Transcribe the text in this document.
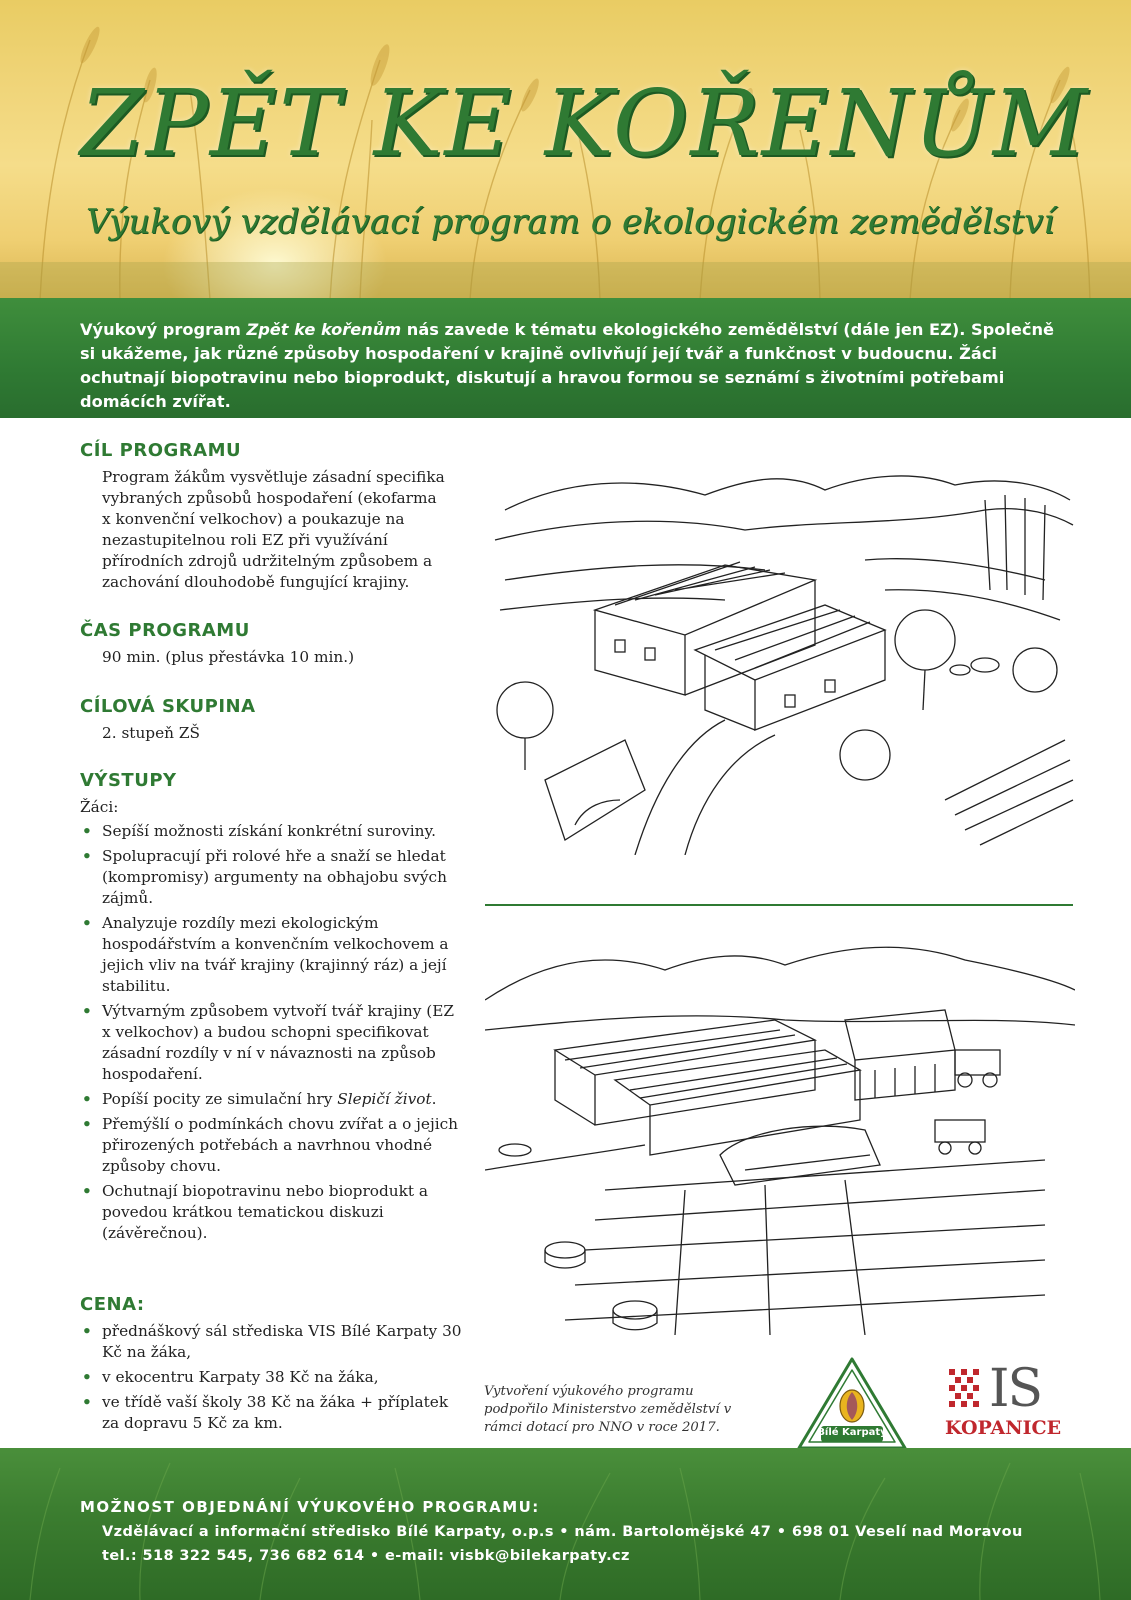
ZPĚT KE KOŘENŮM
Výukový vzdělávací program o ekologickém zemědělství
Výukový program Zpět ke kořenům nás zavede k tématu ekologického zemědělství (dále jen EZ). Společně si ukážeme, jak různé způsoby hospodaření v krajině ovlivňují její tvář a funkčnost v budoucnu. Žáci ochutnají biopotravinu nebo bioprodukt, diskutují a hravou formou se seznámí s životními potřebami domácích zvířat.
CÍL PROGRAMU
Program žákům vysvětluje zásadní specifika vybraných způsobů hospodaření (ekofarma x konvenční velkochov) a poukazuje na nezastupitelnou roli EZ při využívání přírodních zdrojů udržitelným způsobem a zachování dlouhodobě fungující krajiny.
ČAS PROGRAMU
90 min. (plus přestávka 10 min.)
CÍLOVÁ SKUPINA
2. stupeň ZŠ
VÝSTUPY
Žáci:
• Sepíší možnosti získání konkrétní suroviny.
• Spolupracují při rolové hře a snaží se hledat (kompromisy) argumenty na obhajobu svých zájmů.
• Analyzuje rozdíly mezi ekologickým hospodářstvím a konvenčním velkochovem a jejich vliv na tvář krajiny (krajinný ráz) a její stabilitu.
• Výtvarným způsobem vytvoří tvář krajiny (EZ x velkochov) a budou schopni specifikovat zásadní rozdíly v ní v návaznosti na způsob hospodaření.
• Popíší pocity ze simulační hry Slepičí život.
• Přemýšlí o podmínkách chovu zvířat a o jejich přirozených potřebách a navrhnou vhodné způsoby chovu.
• Ochutnají biopotravinu nebo bioprodukt a povedou krátkou tematickou diskuzi (závěrečnou).
CENA:
• přednáškový sál střediska VIS Bílé Karpaty 30 Kč na žáka,
• v ekocentru Karpaty 38 Kč na žáka,
• ve třídě vaší školy 38 Kč na žáka + příplatek za dopravu 5 Kč za km.
Vytvoření výukového programu podpořilo Ministerstvo zemědělství v rámci dotací pro NNO v roce 2017.	Bílé Karpaty
IS
KOPANICE
MOŽNOST OBJEDNÁNÍ VÝUKOVÉHO PROGRAMU:
Vzdělávací a informační středisko Bílé Karpaty, o.p.s • nám. Bartolomějské 47 • 698 01 Veselí nad Moravou
tel.: 518 322 545, 736 682 614 • e-mail: visbk@bilekarpaty.cz
